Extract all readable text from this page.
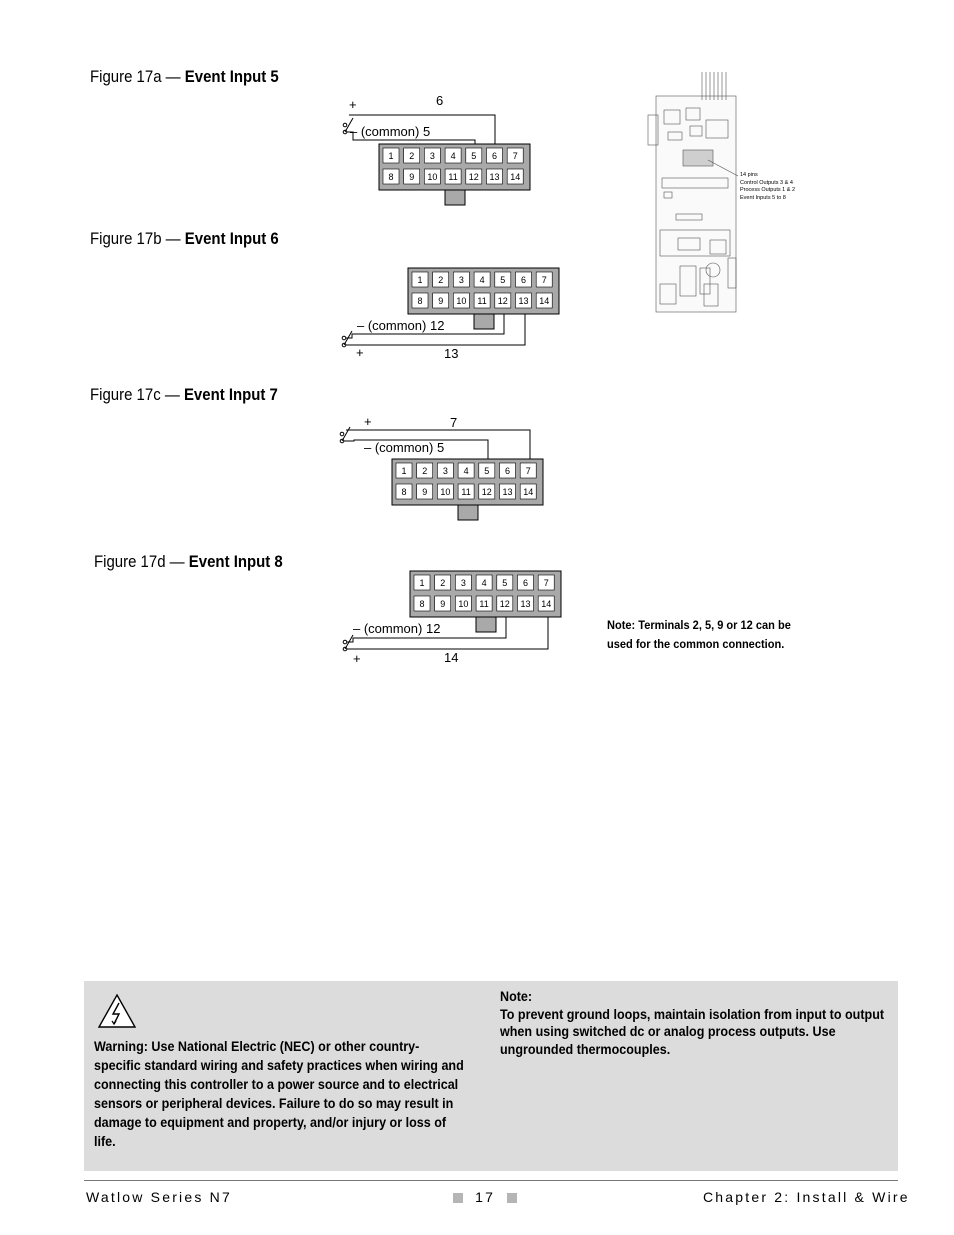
Figure 17a — Event Input 5
Figure 17b — Event Input 6
Figure 17c — Event Input 7
Figure 17d — Event Input 8
+	6
– (common) 5
1 2 3 4 5 6 7
8 9 10 11 12 13 14
– (common) 12
+	13
1 2 3 4 5 6 7
8 9 10 11 12 13 14
+	7
– (common) 5
1 2 3 4 5 6 7
8 9 10 11 12 13 14
– (common) 12
+	14
1 2 3 4 5 6 7
8 9 10 11 12 13 14
14 pins
Control Outputs 3 & 4
Process Outputs 1 & 2
Event Inputs 5 to 8
Note: Terminals 2, 5, 9 or 12 can be used for the common connection.
Warning: Use National Electric (NEC) or other country-specific standard wiring and safety practices when wiring and connecting this controller to a power source and to electrical sensors or peripheral devices. Failure to do so may result in damage to equipment and property, and/or injury or loss of life.
Note:
To prevent ground loops, maintain isolation from input to output when using switched dc or analog process outputs. Use ungrounded thermocouples.
Watlow Series N7	17	Chapter 2: Install & Wire
